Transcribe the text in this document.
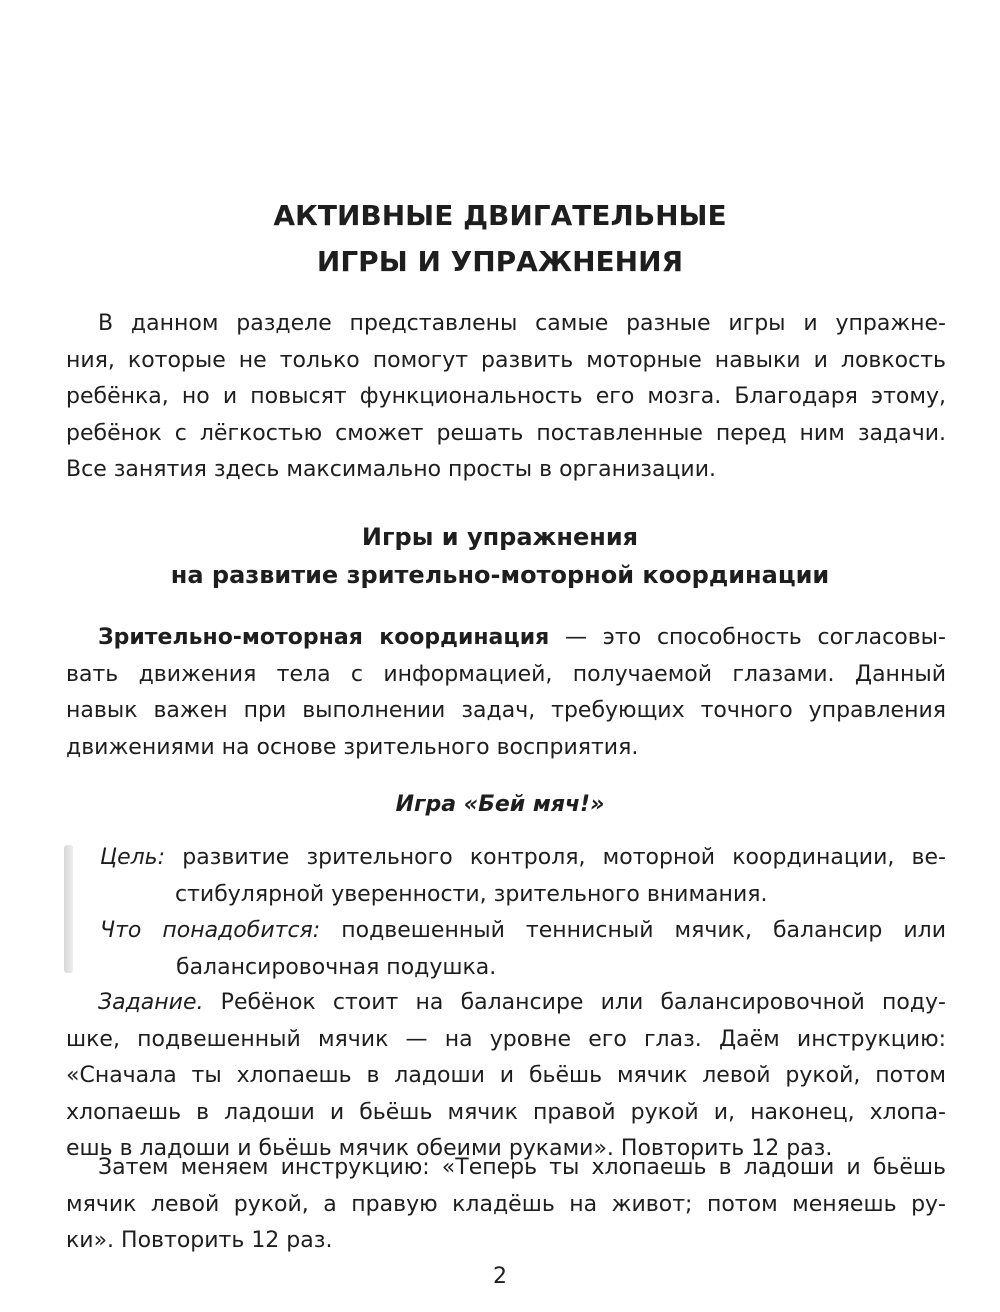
АКТИВНЫЕ ДВИГАТЕЛЬНЫЕ
ИГРЫ И УПРАЖНЕНИЯ
В данном разделе представлены самые разные игры и упражне-
ния, которые не только помогут развить моторные навыки и ловкость
ребёнка, но и повысят функциональность его мозга. Благодаря этому,
ребёнок с лёгкостью сможет решать поставленные перед ним задачи.
Все занятия здесь максимально просты в организации.
Игры и упражнения
на развитие зрительно-моторной координации
Зрительно-моторная координация — это способность согласовы-
вать движения тела с информацией, получаемой глазами. Данный
навык важен при выполнении задач, требующих точного управления
движениями на основе зрительного восприятия.
Игра «Бей мяч!»
Цель: развитие зрительного контроля, моторной координации, ве-
стибулярной уверенности, зрительного внимания.
Что понадобится: подвешенный теннисный мячик, балансир или
балансировочная подушка.
Задание. Ребёнок стоит на балансире или балансировочной поду-
шке, подвешенный мячик — на уровне его глаз. Даём инструкцию:
«Сначала ты хлопаешь в ладоши и бьёшь мячик левой рукой, потом
хлопаешь в ладоши и бьёшь мячик правой рукой и, наконец, хлопа-
ешь в ладоши и бьёшь мячик обеими руками». Повторить 12 раз.
Затем меняем инструкцию: «Теперь ты хлопаешь в ладоши и бьёшь
мячик левой рукой, а правую кладёшь на живот; потом меняешь ру-
ки». Повторить 12 раз.
2
